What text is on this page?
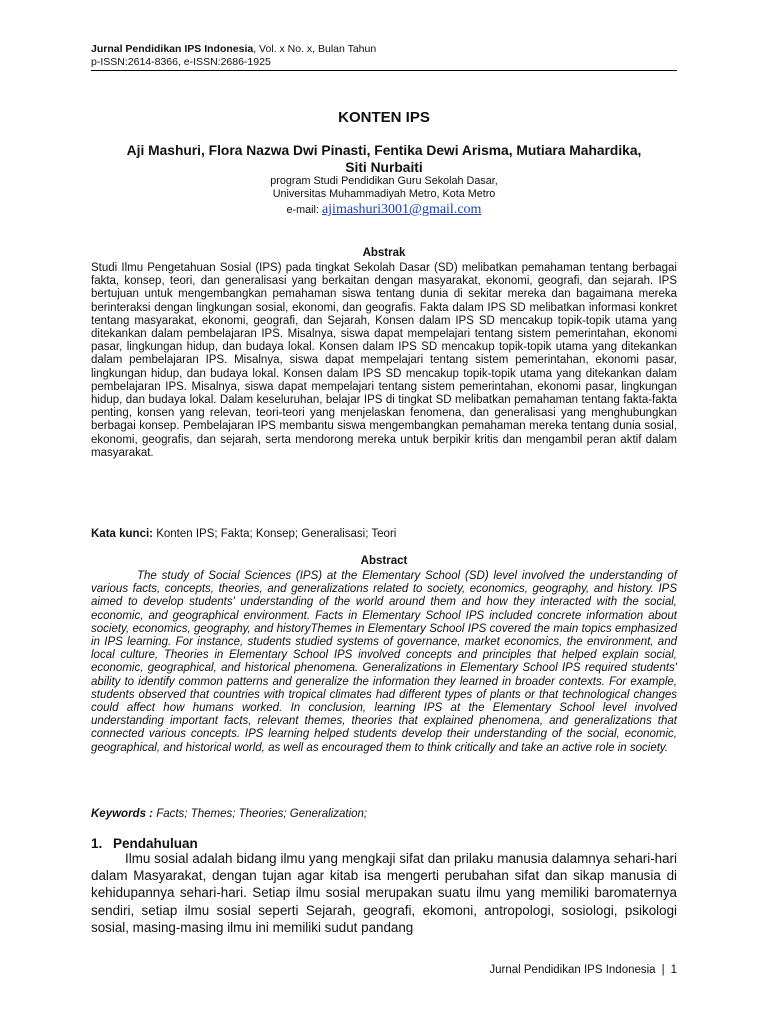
Jurnal Pendidikan IPS Indonesia, Vol. x No. x, Bulan Tahun
p-ISSN:2614-8366, e-ISSN:2686-1925
KONTEN IPS
Aji Mashuri, Flora Nazwa Dwi Pinasti, Fentika Dewi Arisma, Mutiara Mahardika,
Siti Nurbaiti
program Studi Pendidikan Guru Sekolah Dasar,
Universitas Muhammadiyah Metro, Kota Metro
e-mail: ajimashuri3001@gmail.com
Abstrak
Studi Ilmu Pengetahuan Sosial (IPS) pada tingkat Sekolah Dasar (SD) melibatkan pemahaman tentang berbagai fakta, konsep, teori, dan generalisasi yang berkaitan dengan masyarakat, ekonomi, geografi, dan sejarah. IPS bertujuan untuk mengembangkan pemahaman siswa tentang dunia di sekitar mereka dan bagaimana mereka berinteraksi dengan lingkungan sosial, ekonomi, dan geografis. Fakta dalam IPS SD melibatkan informasi konkret tentang masyarakat, ekonomi, geografi, dan Sejarah, Konsen dalam IPS SD mencakup topik-topik utama yang ditekankan dalam pembelajaran IPS. Misalnya, siswa dapat mempelajari tentang sistem pemerintahan, ekonomi pasar, lingkungan hidup, dan budaya lokal. Konsen dalam IPS SD mencakup topik-topik utama yang ditekankan dalam pembelajaran IPS. Misalnya, siswa dapat mempelajari tentang sistem pemerintahan, ekonomi pasar, lingkungan hidup, dan budaya lokal. Konsen dalam IPS SD mencakup topik-topik utama yang ditekankan dalam pembelajaran IPS. Misalnya, siswa dapat mempelajari tentang sistem pemerintahan, ekonomi pasar, lingkungan hidup, dan budaya lokal. Dalam keseluruhan, belajar IPS di tingkat SD melibatkan pemahaman tentang fakta-fakta penting, konsen yang relevan, teori-teori yang menjelaskan fenomena, dan generalisasi yang menghubungkan berbagai konsep. Pembelajaran IPS membantu siswa mengembangkan pemahaman mereka tentang dunia sosial, ekonomi, geografis, dan sejarah, serta mendorong mereka untuk berpikir kritis dan mengambil peran aktif dalam masyarakat.
Kata kunci: Konten IPS; Fakta; Konsep; Generalisasi; Teori
Abstract
The study of Social Sciences (IPS) at the Elementary School (SD) level involved the understanding of various facts, concepts, theories, and generalizations related to society, economics, geography, and history. IPS aimed to develop students' understanding of the world around them and how they interacted with the social, economic, and geographical environment. Facts in Elementary School IPS included concrete information about society, economics, geography, and historyThemes in Elementary School IPS covered the main topics emphasized in IPS learning. For instance, students studied systems of governance, market economics, the environment, and local culture, Theories in Elementary School IPS involved concepts and principles that helped explain social, economic, geographical, and historical phenomena. Generalizations in Elementary School IPS required students' ability to identify common patterns and generalize the information they learned in broader contexts. For example, students observed that countries with tropical climates had different types of plants or that technological changes could affect how humans worked. In conclusion, learning IPS at the Elementary School level involved understanding important facts, relevant themes, theories that explained phenomena, and generalizations that connected various concepts. IPS learning helped students develop their understanding of the social, economic, geographical, and historical world, as well as encouraged them to think critically and take an active role in society.
Keywords : Facts; Themes; Theories; Generalization;
1. Pendahuluan
Ilmu sosial adalah bidang ilmu yang mengkaji sifat dan prilaku manusia dalamnya sehari-hari dalam Masyarakat, dengan tujan agar kitab isa mengerti perubahan sifat dan sikap manusia di kehidupannya sehari-hari. Setiap ilmu sosial merupakan suatu ilmu yang memiliki baromaternya sendiri, setiap ilmu sosial seperti Sejarah, geografi, ekomoni, antropologi, sosiologi, psikologi sosial, masing-masing ilmu ini memiliki sudut pandang
Jurnal Pendidikan IPS Indonesia | 1
